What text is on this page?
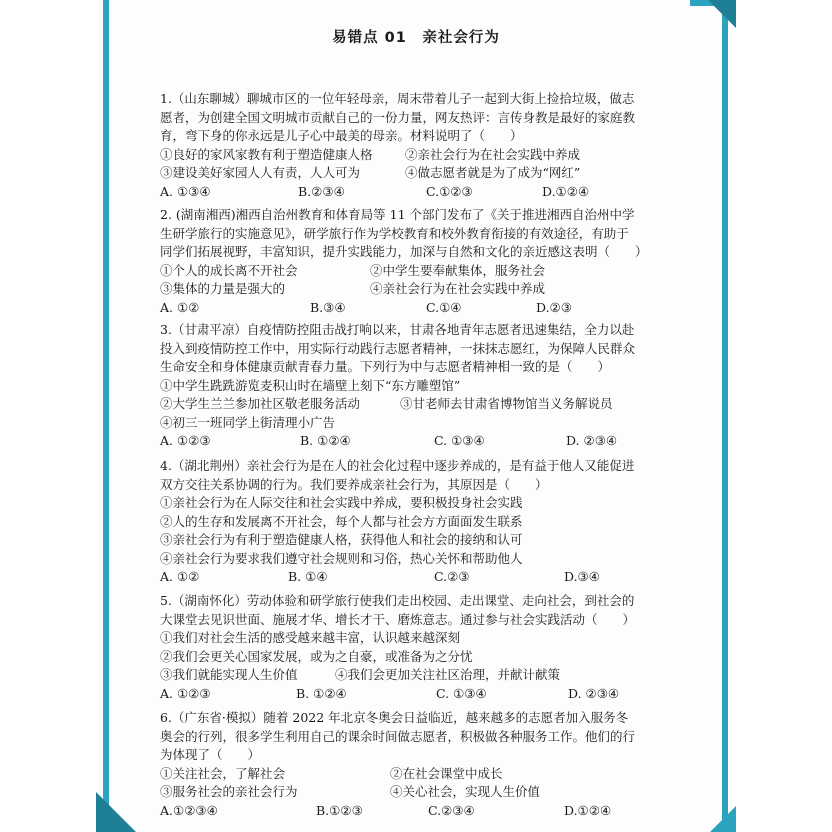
易错点 01　亲社会行为

1.（山东聊城）聊城市区的一位年轻母亲，周末带着儿子一起到大街上捡拾垃圾，做志

愿者，为创建全国文明城市贡献自己的一份力量，网友热评：言传身教是最好的家庭教

育，弯下身的你永远是儿子心中最美的母亲。材料说明了（　　）

①良好的家风家教有利于塑造健康人格	②亲社会行为在社会实践中养成
③建设美好家园人人有责，人人可为	④做志愿者就是为了成为“网红”
A. ①③④	B.②③④	C.①②③	D.①②④

2. (湖南湘西)湘西自治州教育和体育局等 11 个部门发布了《关于推进湘西自治州中学

生研学旅行的实施意见》，研学旅行作为学校教育和校外教育衔接的有效途径，有助于

同学们拓展视野，丰富知识，提升实践能力，加深与自然和文化的亲近感这表明（　　）

①个人的成长离不开社会	②中学生要奉献集体，服务社会
③集体的力量是强大的	④亲社会行为在社会实践中养成
A. ①②	B.③④	C.①④	D.②③

3.（甘肃平凉）自疫情防控阻击战打响以来，甘肃各地青年志愿者迅速集结，全力以赴

投入到疫情防控工作中，用实际行动践行志愿者精神，一抹抹志愿红，为保障人民群众

生命安全和身体健康贡献青春力量。下列行为中与志愿者精神相一致的是（　　）

①中学生跣跣游览麦积山时在墙壁上刻下“东方雕塑馆”
②大学生兰兰参加社区敬老服务活动	③甘老师去甘肃省博物馆当义务解说员
④初三一班同学上街清理小广告
A. ①②③	B. ①②④	C. ①③④	D. ②③④

4.（湖北荆州）亲社会行为是在人的社会化过程中逐步养成的，是有益于他人又能促进

双方交往关系协调的行为。我们要养成亲社会行为，其原因是（　　）

①亲社会行为在人际交往和社会实践中养成，要积极投身社会实践
②人的生存和发展离不开社会，每个人都与社会方方面面发生联系
③亲社会行为有利于塑造健康人格，获得他人和社会的接纳和认可
④亲社会行为要求我们遵守社会规则和习俗，热心关怀和帮助他人
A. ①②	B. ①④	C.②③	D.③④

5.（湖南怀化）劳动体验和研学旅行使我们走出校园、走出课堂、走向社会，到社会的

大课堂去见识世面、施展才华、增长才干、磨炼意志。通过参与社会实践活动（　　）

①我们对社会生活的感受越来越丰富，认识越来越深刻
②我们会更关心国家发展，或为之自豪，或准备为之分忧
③我们就能实现人生价值	④我们会更加关注社区治理，并献计献策
A. ①②③	B. ①②④	C. ①③④	D. ②③④

6.（广东省·模拟）随着 2022 年北京冬奥会日益临近，越来越多的志愿者加入服务冬

奥会的行列，很多学生利用自己的课余时间做志愿者，积极做各种服务工作。他们的行

为体现了（　　）

①关注社会，了解社会	②在社会课堂中成长
③服务社会的亲社会行为	④关心社会，实现人生价值
A.①②③④	B.①②③	C.②③④	D.①②④
